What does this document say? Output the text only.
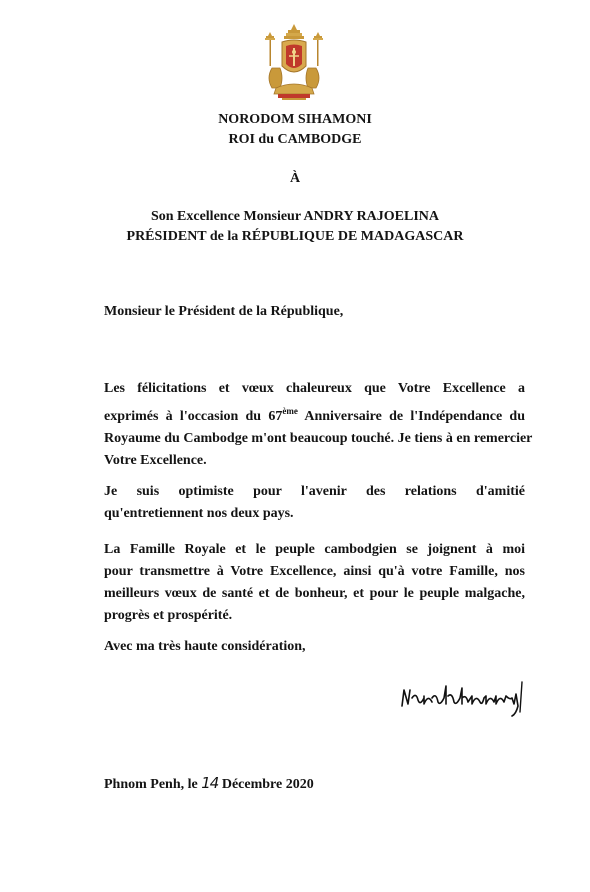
NORODOM SIHAMONI
ROI du CAMBODGE
À
Son Excellence Monsieur ANDRY RAJOELINA
PRÉSIDENT de la RÉPUBLIQUE DE MADAGASCAR
Monsieur le Président de la République,
Les félicitations et vœux chaleureux que Votre Excellence a
exprimés à l'occasion du 67ème Anniversaire de l'Indépendance du
Royaume du Cambodge m'ont beaucoup touché. Je tiens à en remercier
Votre Excellence.
Je suis optimiste pour l'avenir des relations d'amitié
qu'entretiennent nos deux pays.
La Famille Royale et le peuple cambodgien se joignent à moi
pour transmettre à Votre Excellence, ainsi qu'à votre Famille, nos
meilleurs vœux de santé et de bonheur, et pour le peuple malgache,
progrès et prospérité.
Avec ma très haute considération,
Phnom Penh, le 14 Décembre 2020
